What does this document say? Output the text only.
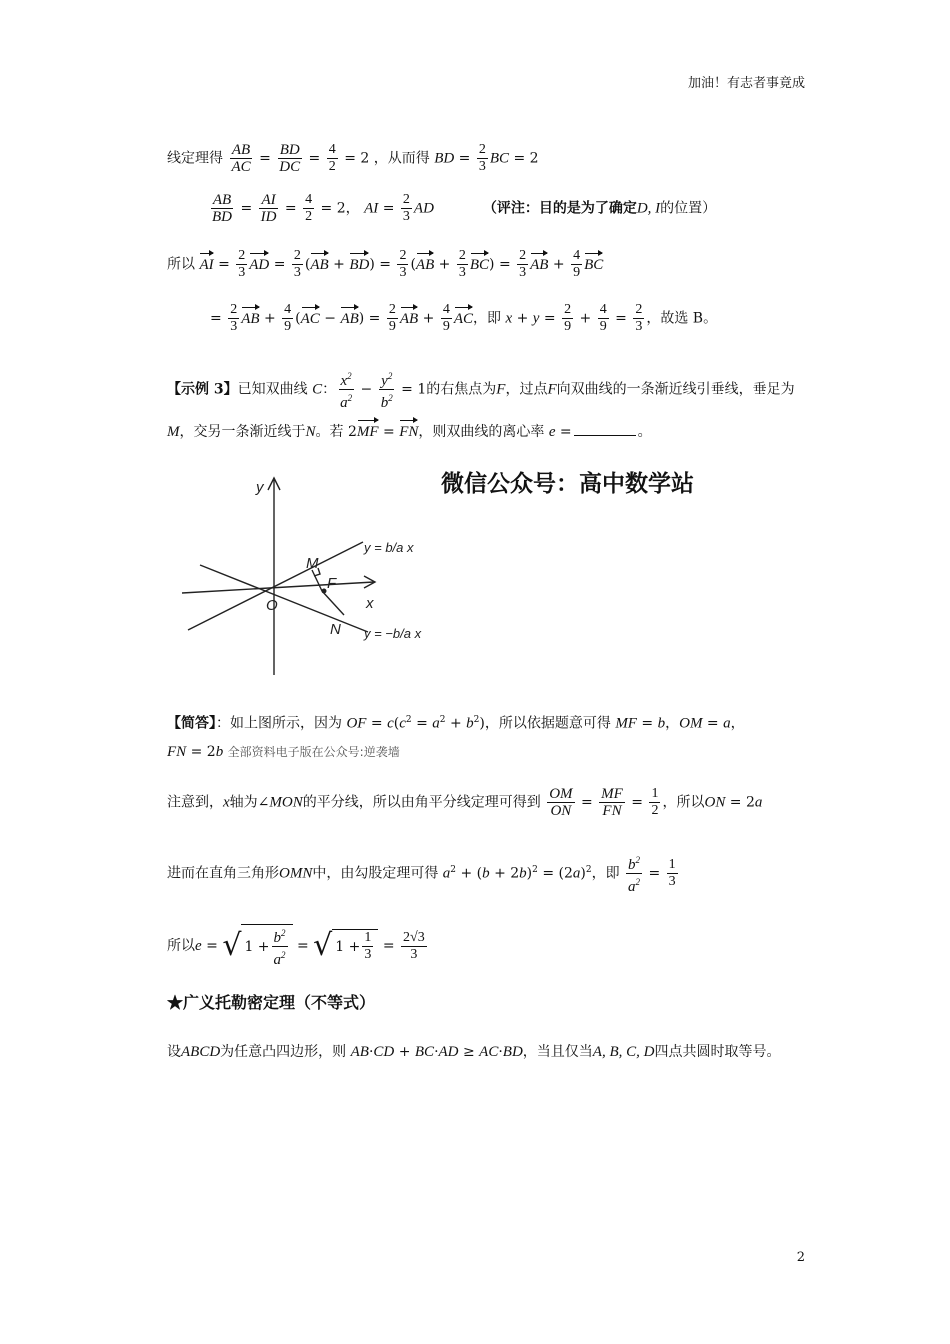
加油！有志者事竟成
线定理得 $\frac{AB}{AC} = \frac{BD}{DC} = \frac{4}{2} = 2$ ，从而得 BD = $\frac{2}{3}$ BC = 2
$\frac{AB}{BD} = \frac{AI}{ID} = \frac{4}{2} = 2$， AI = $\frac{2}{3}$ AD	（评注：目的是为了确定D, I的位置）
所以 AI = $\frac{2}{3}$ AD = $\frac{2}{3} (AB + BD) = \frac{2}{3} (AB + \frac{2}{3} BC) = \frac{2}{3}$ AB + $\frac{4}{9}$ BC
= $\frac{2}{3}$ AB + $\frac{4}{9} (AC - AB) = \frac{2}{9}$ AB + $\frac{4}{9}$ AC，即 $x + y = \frac{2}{9} + \frac{4}{9} = \frac{2}{3}$ ，故选 B。
【示例 3】已知双曲线 C： $\frac{x^2}{a^2} - \frac{y^2}{b^2} = 1$的右焦点为F，过点F向双曲线的一条渐近线引垂线，垂足为
M，交另一条渐近线于N。若 2MF = FN，则双曲线的离心率 e =	。
y
x
O
M
F
N
y = b/a x
y = −b/a x
微信公众号：高中数学站
【简答】：如上图所示，因为 OF = $c(c^2 = a^2 + b^2)$，所以依据题意可得 MF = b，OM = a，
FN = 2b 全部资料电子版在公众号:逆袭墙
注意到，x轴为∠MON的平分线，所以由角平分线定理可得到 $\frac{OM}{ON} = \frac{MF}{FN} = \frac{1}{2}$ ，所以ON = 2a
进而在直角三角形OMN中，由勾股定理可得 $a^2 + (b + 2b)^2 = (2a)^2$，即 $\frac{b^2}{a^2} = \frac{1}{3}$
所以e = √ $1 + \frac{b^2}{a^2}$ = √ $1 + \frac{1}{3} = \frac{2√3}{3}$
★广义托勒密定理（不等式）
设ABCD为任意凸四边形，则 AB·CD + BC·AD ≥ AC·BD，当且仅当A, B, C, D四点共圆时取等号。
2
